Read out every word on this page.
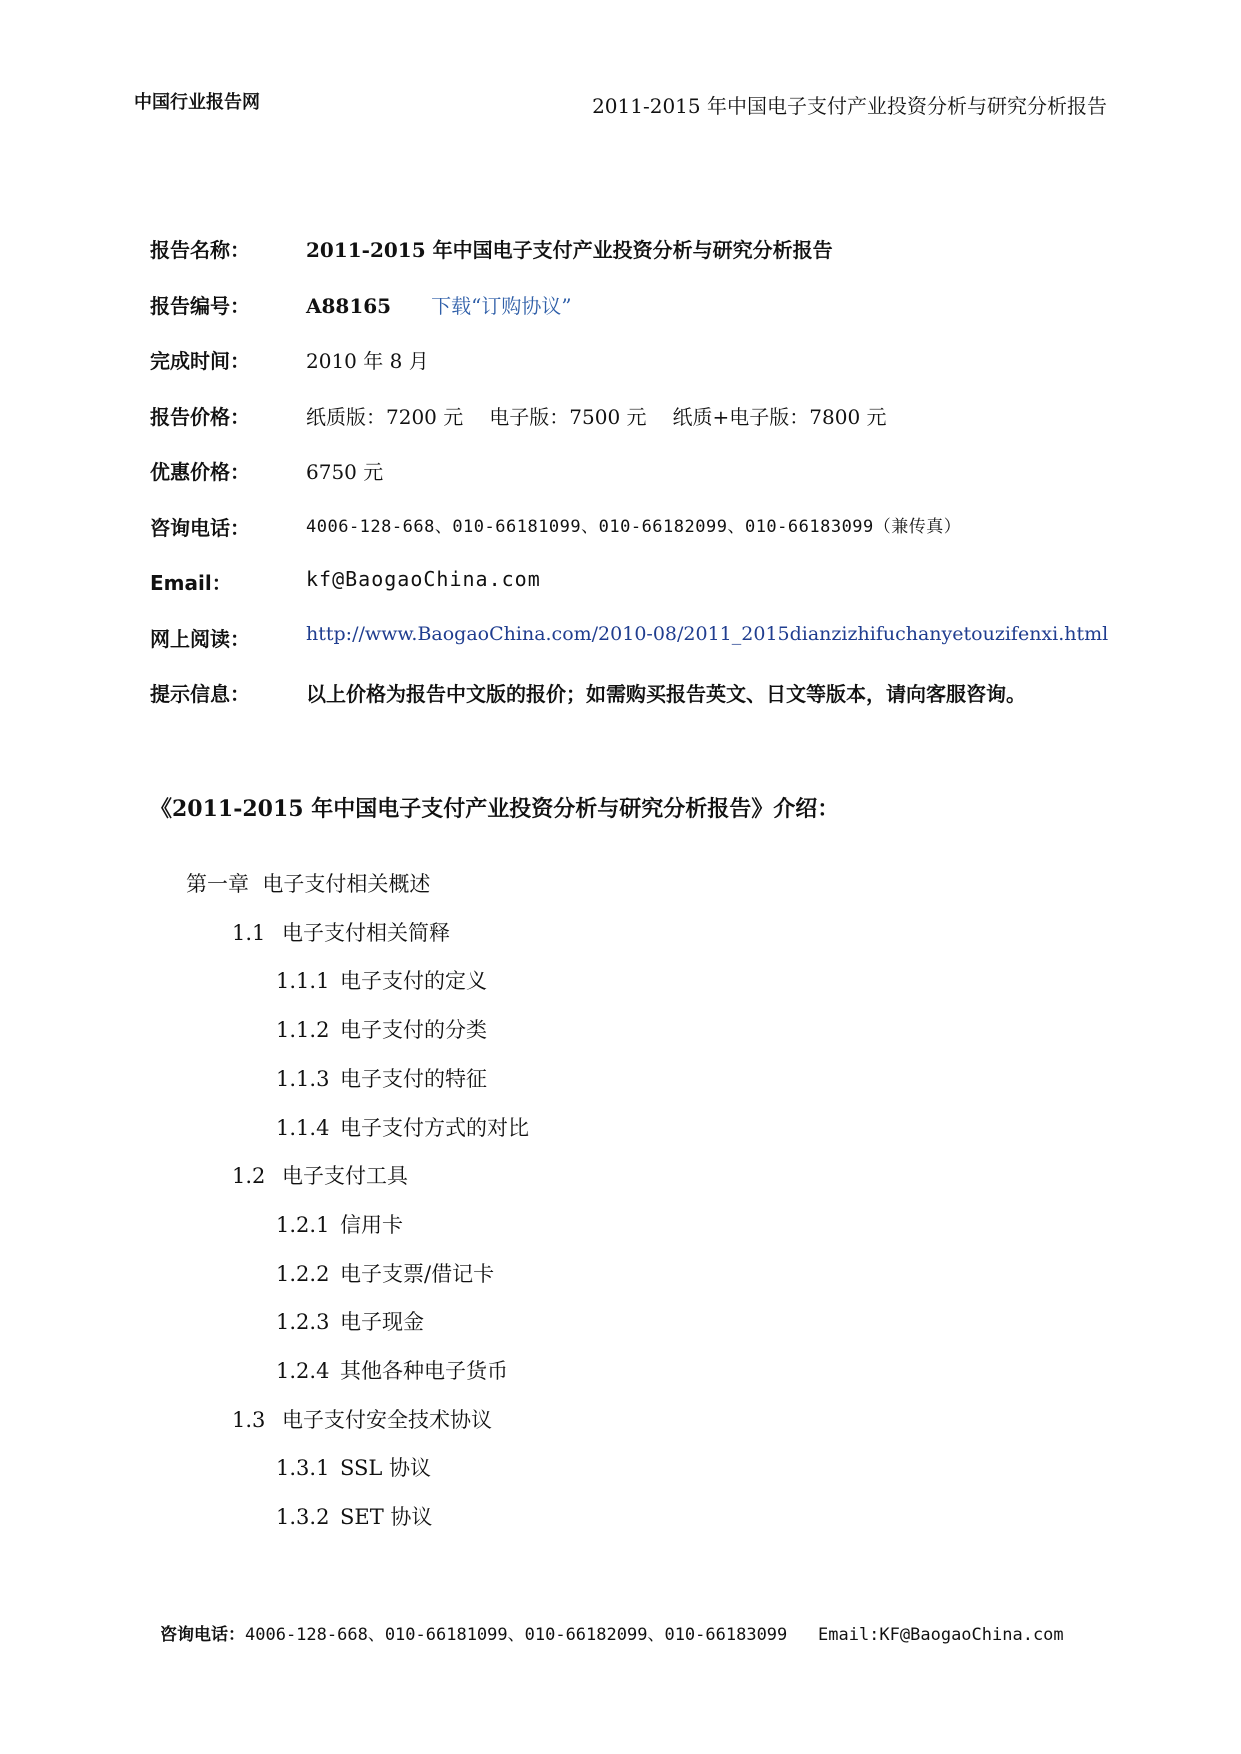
中国行业报告网	2011-2015 年中国电子支付产业投资分析与研究分析报告
报告名称：	2011-2015 年中国电子支付产业投资分析与研究分析报告
报告编号：	A88165 下载“订购协议”
完成时间：	2010 年 8 月
报告价格：	纸质版：7200 元 电子版：7500 元 纸质+电子版：7800 元
优惠价格：	6750 元
咨询电话：	4006-128-668、010-66181099、010-66182099、010-66183099（兼传真）
Email：	kf@BaogaoChina.com
网上阅读：	http://www.BaogaoChina.com/2010-08/2011_2015dianzizhifuchanyetouzifenxi.html
提示信息：	以上价格为报告中文版的报价；如需购买报告英文、日文等版本，请向客服咨询。
《2011-2015 年中国电子支付产业投资分析与研究分析报告》介绍：
第一章 电子支付相关概述
1.1 电子支付相关简释
1.1.1 电子支付的定义
1.1.2 电子支付的分类
1.1.3 电子支付的特征
1.1.4 电子支付方式的对比
1.2 电子支付工具
1.2.1 信用卡
1.2.2 电子支票/借记卡
1.2.3 电子现金
1.2.4 其他各种电子货币
1.3 电子支付安全技术协议
1.3.1 SSL 协议
1.3.2 SET 协议
咨询电话：4006-128-668、010-66181099、010-66182099、010-66183099 Email:KF@BaogaoChina.com
